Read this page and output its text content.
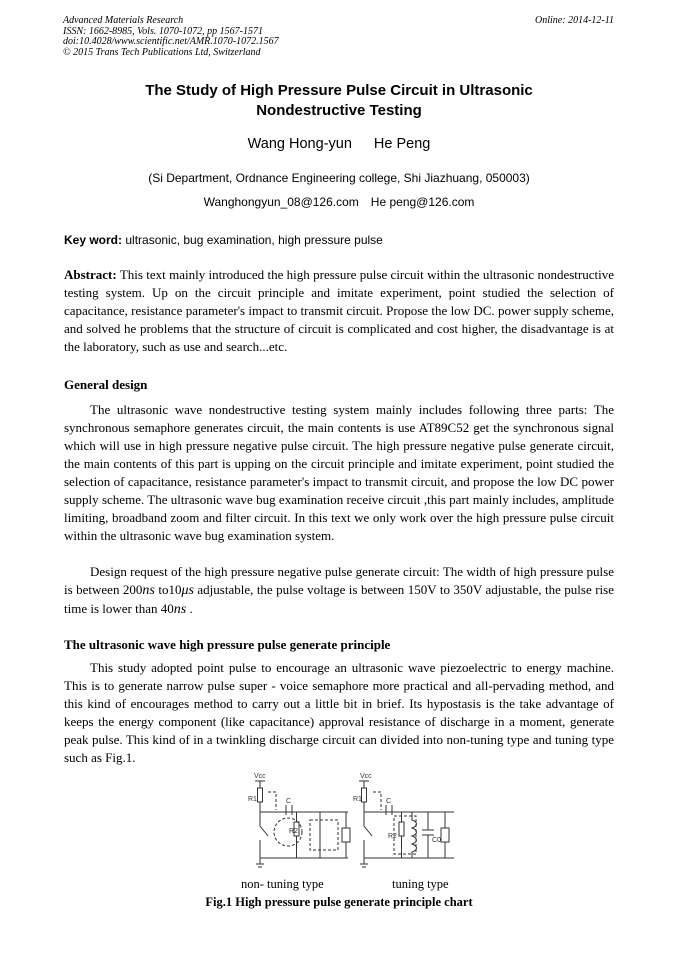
Advanced Materials Research
ISSN: 1662-8985, Vols. 1070-1072, pp 1567-1571
doi:10.4028/www.scientific.net/AMR.1070-1072.1567
© 2015 Trans Tech Publications Ltd, Switzerland
Online: 2014-12-11
The Study of High Pressure Pulse Circuit in Ultrasonic
Nondestructive Testing
Wang Hong-yun He Peng
(Si Department, Ordnance Engineering college, Shi Jiazhuang, 050003)
Wanghongyun_08@126.com He peng@126.com
Key word: ultrasonic, bug examination, high pressure pulse
Abstract: This text mainly introduced the high pressure pulse circuit within the ultrasonic nondestructive testing system. Up on the circuit principle and imitate experiment, point studied the selection of capacitance, resistance parameter's impact to transmit circuit. Propose the low DC. power supply scheme, and solved he problems that the structure of circuit is complicated and cost higher, the disadvantage is at the laboratory, such as use and search...etc.
General design
The ultrasonic wave nondestructive testing system mainly includes following three parts: The synchronous semaphore generates circuit, the main contents is use AT89C52 get the synchronous signal which will use in high pressure negative pulse circuit. The high pressure negative pulse generate circuit, the main contents of this part is upping on the circuit principle and imitate experiment, point studied the selection of capacitance, resistance parameter's impact to transmit circuit, and propose the low DC power supply scheme. The ultrasonic wave bug examination receive circuit ,this part mainly includes, amplitude limiting, broadband zoom and filter circuit. In this text we only work over the high pressure pulse circuit within the ultrasonic wave bug examination system.
Design request of the high pressure negative pulse generate circuit: The width of high pressure pulse is between 200ns to10μs adjustable, the pulse voltage is between 150V to 350V adjustable, the pulse rise time is lower than 40ns .
The ultrasonic wave high pressure pulse generate principle
This study adopted point pulse to encourage an ultrasonic wave piezoelectric to energy machine. This is to generate narrow pulse super - voice semaphore more practical and all-pervading method, and this kind of encourages method to carry out a little bit in brief. Its hypostasis is the take advantage of keeps the energy component (like capacitance) approval resistance of discharge in a moment, generate peak pulse. This kind of in a twinkling discharge circuit can divided into non-tuning type and tuning type such as Fig.1.
Vcc
R1	C
R2
Vcc
R1	C
R2
C0
non- tuning type	tuning type
Fig.1 High pressure pulse generate principle chart
